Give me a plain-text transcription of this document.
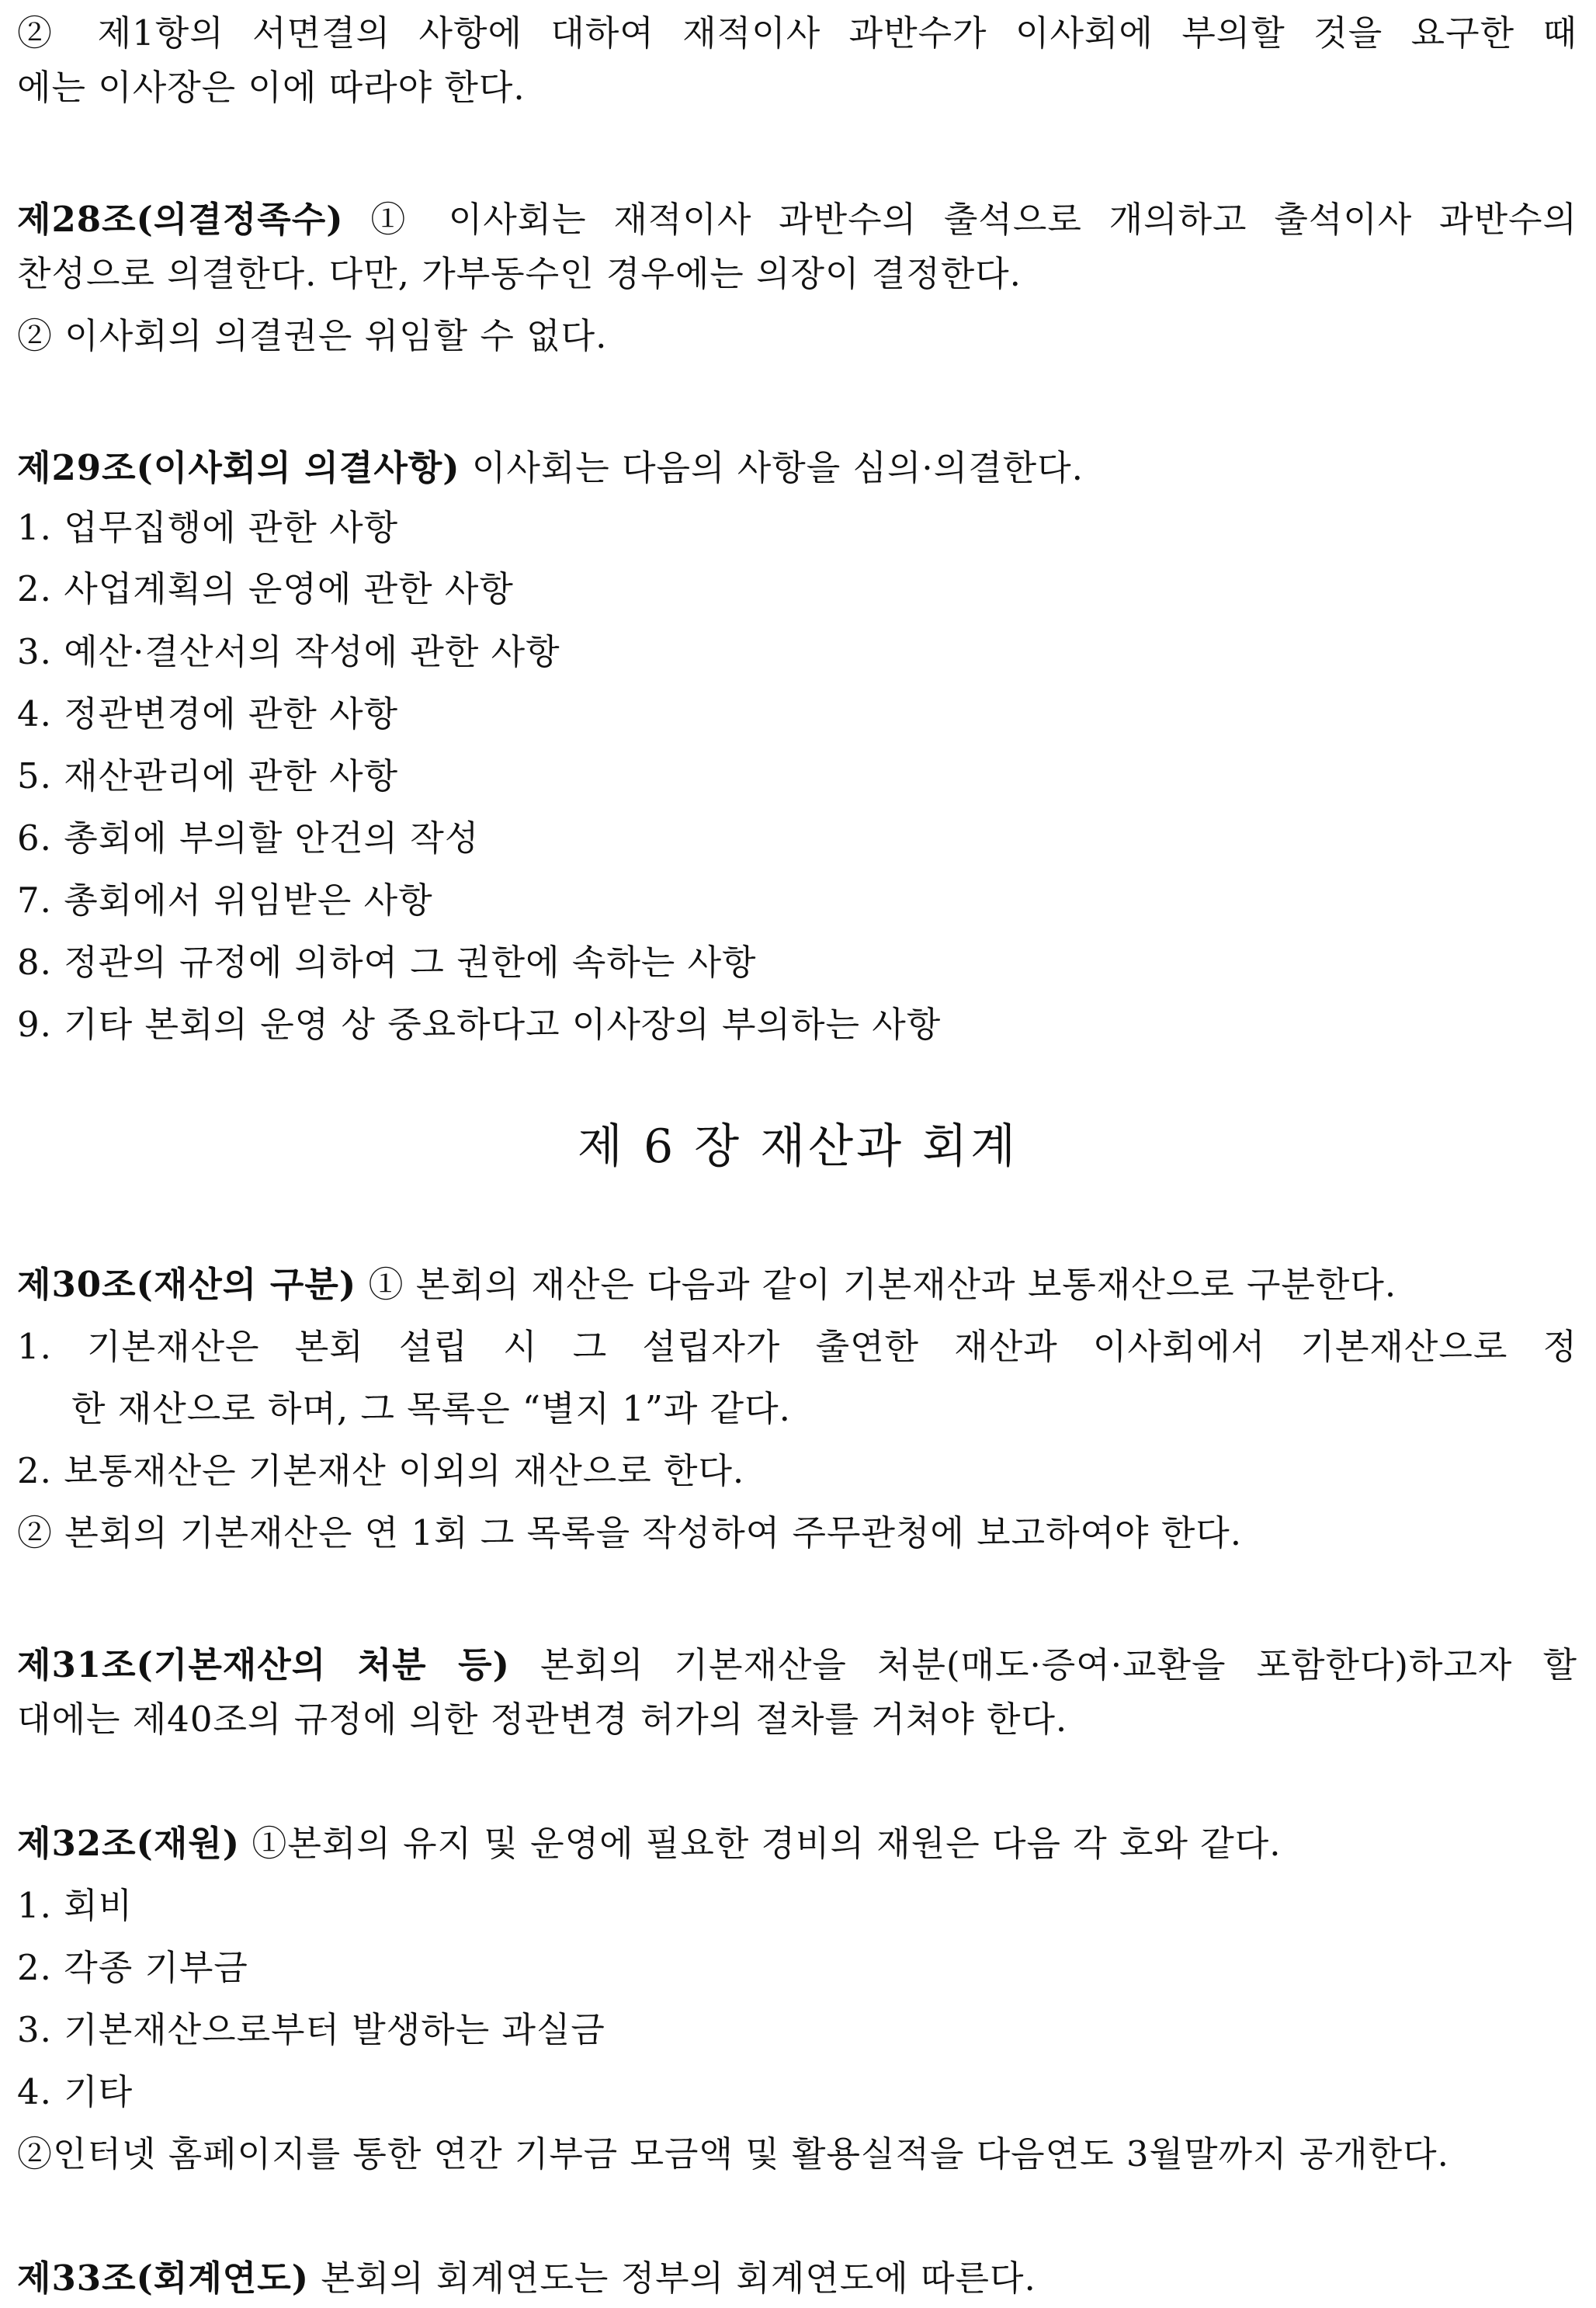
② 제1항의 서면결의 사항에 대하여 재적이사 과반수가 이사회에 부의할 것을 요구한 때
에는 이사장은 이에 따라야 한다.
제28조(의결정족수) ① 이사회는 재적이사 과반수의 출석으로 개의하고 출석이사 과반수의
찬성으로 의결한다. 다만, 가부동수인 경우에는 의장이 결정한다.
② 이사회의 의결권은 위임할 수 없다.
제29조(이사회의 의결사항) 이사회는 다음의 사항을 심의·의결한다.
1. 업무집행에 관한 사항
2. 사업계획의 운영에 관한 사항
3. 예산·결산서의 작성에 관한 사항
4. 정관변경에 관한 사항
5. 재산관리에 관한 사항
6. 총회에 부의할 안건의 작성
7. 총회에서 위임받은 사항
8. 정관의 규정에 의하여 그 권한에 속하는 사항
9. 기타 본회의 운영 상 중요하다고 이사장의 부의하는 사항
제 6 장 재산과 회계
제30조(재산의 구분) ① 본회의 재산은 다음과 같이 기본재산과 보통재산으로 구분한다.
1. 기본재산은 본회 설립 시 그 설립자가 출연한 재산과 이사회에서 기본재산으로 정
한 재산으로 하며, 그 목록은 “별지 1”과 같다.
2. 보통재산은 기본재산 이외의 재산으로 한다.
② 본회의 기본재산은 연 1회 그 목록을 작성하여 주무관청에 보고하여야 한다.
제31조(기본재산의 처분 등) 본회의 기본재산을 처분(매도·증여·교환을 포함한다)하고자 할
대에는 제40조의 규정에 의한 정관변경 허가의 절차를 거쳐야 한다.
제32조(재원) ①본회의 유지 및 운영에 필요한 경비의 재원은 다음 각 호와 같다.
1. 회비
2. 각종 기부금
3. 기본재산으로부터 발생하는 과실금
4. 기타
②인터넷 홈페이지를 통한 연간 기부금 모금액 및 활용실적을 다음연도 3월말까지 공개한다.
제33조(회계연도) 본회의 회계연도는 정부의 회계연도에 따른다.
